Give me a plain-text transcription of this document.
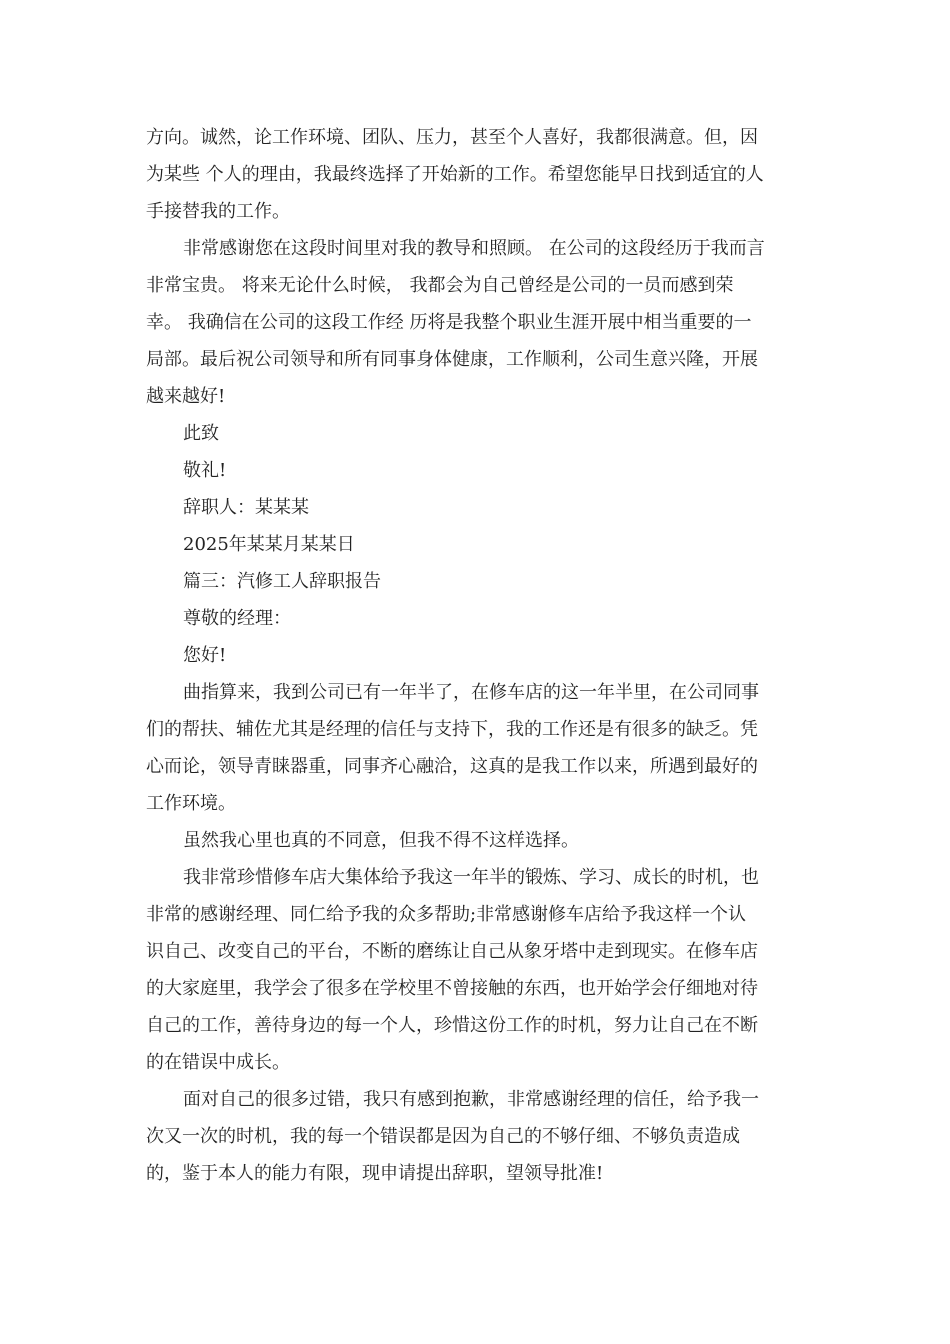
方向。诚然，论工作环境、团队、压力，甚至个人喜好，我都很满意。但，因
为某些 个人的理由，我最终选择了开始新的工作。希望您能早日找到适宜的人
手接替我的工作。
非常感谢您在这段时间里对我的教导和照顾。 在公司的这段经历于我而言
非常宝贵。 将来无论什么时候， 我都会为自己曾经是公司的一员而感到荣
幸。 我确信在公司的这段工作经 历将是我整个职业生涯开展中相当重要的一
局部。最后祝公司领导和所有同事身体健康，工作顺利，公司生意兴隆，开展
越来越好!
此致
敬礼!
辞职人：某某某
2025年某某月某某日
篇三：汽修工人辞职报告
尊敬的经理：
您好!
曲指算来，我到公司已有一年半了，在修车店的这一年半里，在公司同事
们的帮扶、辅佐尤其是经理的信任与支持下，我的工作还是有很多的缺乏。凭
心而论，领导青睐器重，同事齐心融洽，这真的是我工作以来，所遇到最好的
工作环境。
虽然我心里也真的不同意，但我不得不这样选择。
我非常珍惜修车店大集体给予我这一年半的锻炼、学习、成长的时机，也
非常的感谢经理、同仁给予我的众多帮助;非常感谢修车店给予我这样一个认
识自己、改变自己的平台，不断的磨练让自己从象牙塔中走到现实。在修车店
的大家庭里，我学会了很多在学校里不曾接触的东西，也开始学会仔细地对待
自己的工作，善待身边的每一个人，珍惜这份工作的时机，努力让自己在不断
的在错误中成长。
面对自己的很多过错，我只有感到抱歉，非常感谢经理的信任，给予我一
次又一次的时机，我的每一个错误都是因为自己的不够仔细、不够负责造成
的，鉴于本人的能力有限，现申请提出辞职，望领导批准!
